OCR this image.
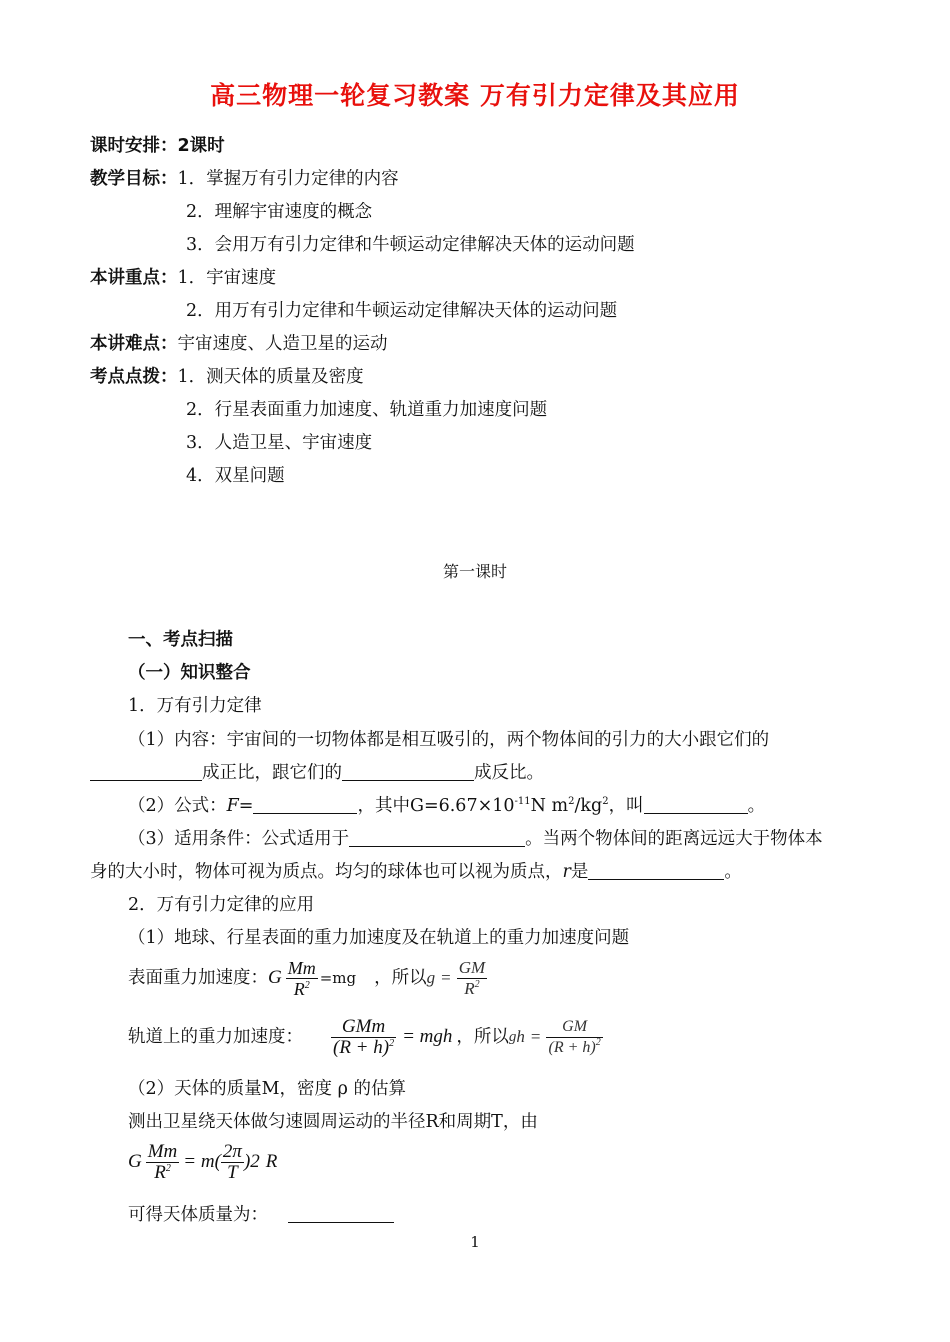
高三物理一轮复习教案 万有引力定律及其应用
课时安排：2课时
教学目标：1．掌握万有引力定律的内容
2．理解宇宙速度的概念
3．会用万有引力定律和牛顿运动定律解决天体的运动问题
本讲重点：1．宇宙速度
2．用万有引力定律和牛顿运动定律解决天体的运动问题
本讲难点：宇宙速度、人造卫星的运动
考点点拨：1．测天体的质量及密度
2．行星表面重力加速度、轨道重力加速度问题
3．人造卫星、宇宙速度
4．双星问题
第一课时
一、考点扫描
（一）知识整合
1．万有引力定律
（1）内容：宇宙间的一切物体都是相互吸引的，两个物体间的引力的大小跟它们的
成正比，跟它们的	成反比。
（2）公式：F=	，其中$G=6.67\times 10^{-11}N$ $m^2/kg^2$，叫	。
（3）适用条件：公式适用于	。当两个物体间的距离远远大于物体本
身的大小时，物体可视为质点。均匀的球体也可以视为质点，r是	。
2．万有引力定律的应用
（1）地球、行星表面的重力加速度及在轨道上的重力加速度问题
表面重力加速度： G $\frac{Mm}{R^2} =mg$ ，所以 $g = \frac{GM}{R^2}$
轨道上的重力加速度： $\frac{\text{GMm}}{(R + h)^2}$ = mg h ，所以 g $h = \frac{GM}{(R + h)^2}$
（2）天体的质量M，密度 ρ 的估算
测出卫星绕天体做匀速圆周运动的半径R和周期T，由
G $\frac{Mm}{R^2} = m( \frac{2\pi}{T}$ ) 2 R
可得天体质量为：
1
